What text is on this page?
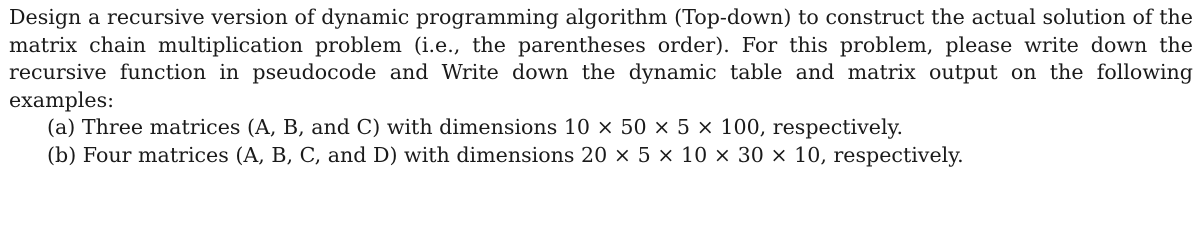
Design a recursive version of dynamic programming algorithm (Top-down) to construct the actual solution of the matrix chain multiplication problem (i.e., the parentheses order). For this problem, please write down the recursive function in pseudocode and Write down the dynamic table and matrix output on the following examples:

(a) Three matrices (A, B, and C) with dimensions 10 × 50 × 5 × 100, respectively.
(b) Four matrices (A, B, C, and D) with dimensions 20 × 5 × 10 × 30 × 10, respectively.
